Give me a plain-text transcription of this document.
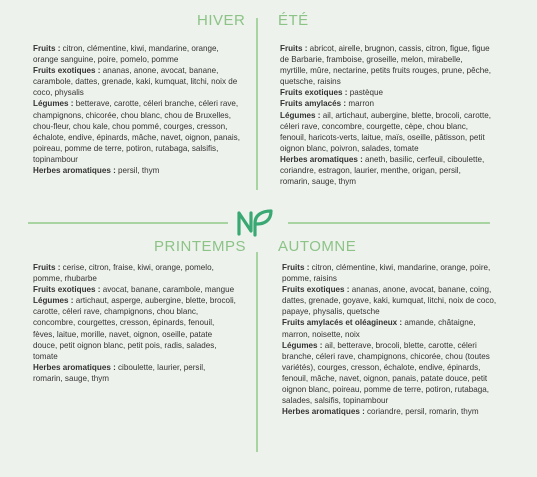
HIVER

Fruits : citron, clémentine, kiwi, mandarine, orange, orange sanguine, poire, pomelo, pomme

Fruits exotiques : ananas, anone, avocat, banane, carambole, dattes, grenade, kaki, kumquat, litchi, noix de coco, physalis

Légumes : betterave, carotte, céleri branche, céleri rave, champignons, chicorée, chou blanc, chou de Bruxelles, chou-fleur, chou kale, chou pommé, courges, cresson, échalote, endive, épinards, mâche, navet, oignon, panais, poireau, pomme de terre, potiron, rutabaga, salsifis, topinambour

Herbes aromatiques : persil, thym

ÉTÉ

Fruits : abricot, airelle, brugnon, cassis, citron, figue, figue de Barbarie, framboise, groseille, melon, mirabelle, myrtille, mûre, nectarine, petits fruits rouges, prune, pêche, quetsche, raisins

Fruits exotiques : pastèque

Fruits amylacés : marron

Légumes : ail, artichaut, aubergine, blette, brocoli, carotte, céleri rave, concombre, courgette, cèpe, chou blanc, fenouil, haricots-verts, laitue, maïs, oseille, pâtisson, petit oignon blanc, poivron, salades, tomate

Herbes aromatiques : aneth, basilic, cerfeuil, ciboulette, coriandre, estragon, laurier, menthe, origan, persil, romarin, sauge, thym

PRINTEMPS

Fruits : cerise, citron, fraise, kiwi, orange, pomelo, pomme, rhubarbe

Fruits exotiques : avocat, banane, carambole, mangue

Légumes : artichaut, asperge, aubergine, blette, brocoli, carotte, céleri rave, champignons, chou blanc, concombre, courgettes, cresson, épinards, fenouil, fèves, laitue, morille, navet, oignon, oseille, patate douce, petit oignon blanc, petit pois, radis, salades, tomate

Herbes aromatiques : ciboulette, laurier, persil, romarin, sauge, thym

AUTOMNE

Fruits : citron, clémentine, kiwi, mandarine, orange, poire, pomme, raisins

Fruits exotiques : ananas, anone, avocat, banane, coing, dattes, grenade, goyave, kaki, kumquat, litchi, noix de coco, papaye, physalis, quetsche

Fruits amylacés et oléagineux : amande, châtaigne, marron, noisette, noix

Légumes : ail, betterave, brocoli, blette, carotte, céleri branche, céleri rave, champignons, chicorée, chou (toutes variétés), courges, cresson, échalote, endive, épinards, fenouil, mâche, navet, oignon, panais, patate douce, petit oignon blanc, poireau, pomme de terre, potiron, rutabaga, salades, salsifis, topinambour

Herbes aromatiques : coriandre, persil, romarin, thym
